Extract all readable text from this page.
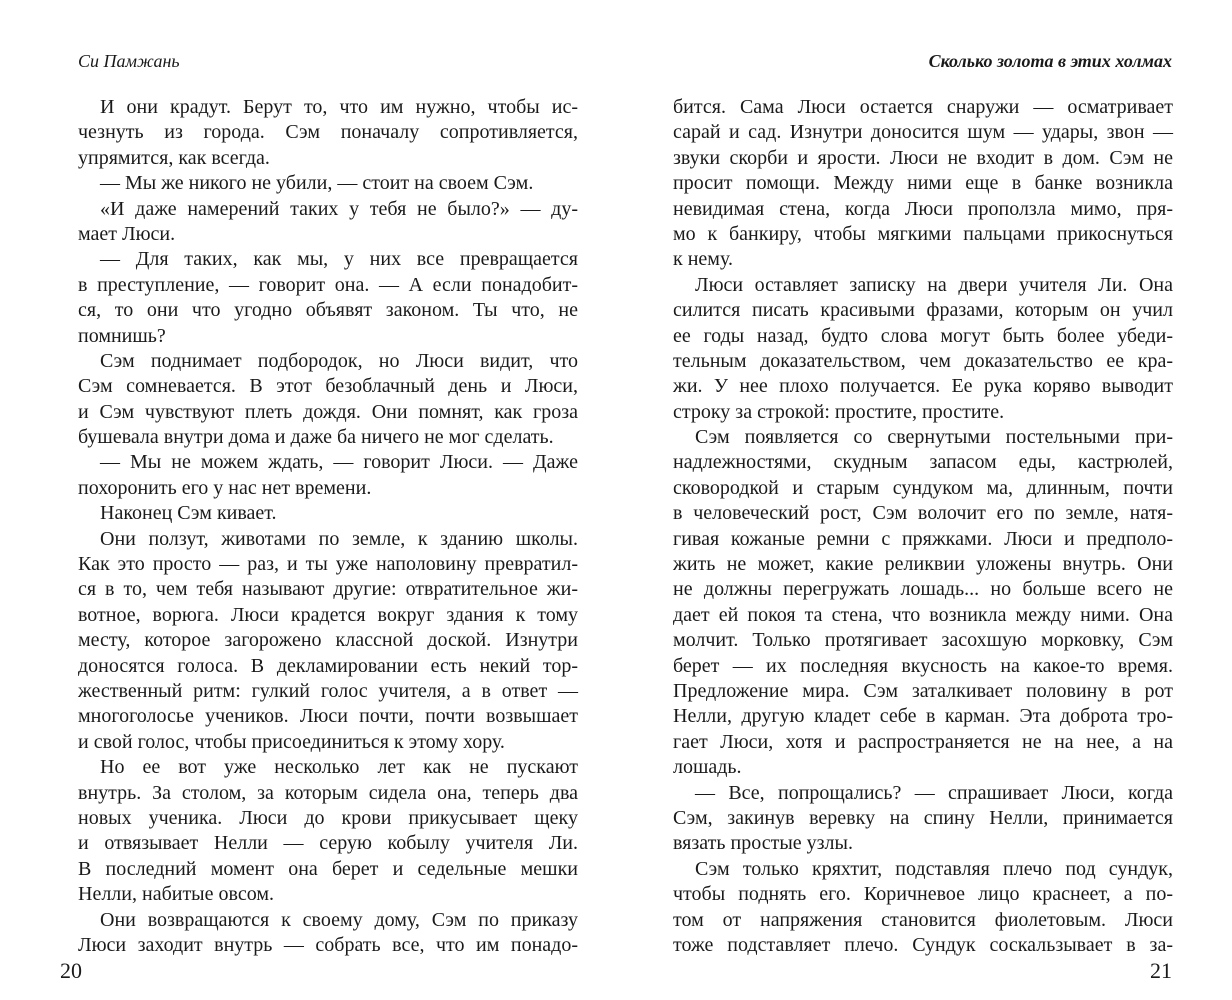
Си Памжань
И они крадут. Берут то, что им нужно, чтобы ис-
чезнуть из города. Сэм поначалу сопротивляется,
упрямится, как всегда.
— Мы же никого не убили, — стоит на своем Сэм.
«И даже намерений таких у тебя не было?» — ду-
мает Люси.
— Для таких, как мы, у них все превращается
в преступление, — говорит она. — А если понадобит-
ся, то они что угодно объявят законом. Ты что, не
помнишь?
Сэм поднимает подбородок, но Люси видит, что
Сэм сомневается. В этот безоблачный день и Люси,
и Сэм чувствуют плеть дождя. Они помнят, как гроза
бушевала внутри дома и даже ба ничего не мог сделать.
— Мы не можем ждать, — говорит Люси. — Даже
похоронить его у нас нет времени.
Наконец Сэм кивает.
Они ползут, животами по земле, к зданию школы.
Как это просто — раз, и ты уже наполовину превратил-
ся в то, чем тебя называют другие: отвратительное жи-
вотное, ворюга. Люси крадется вокруг здания к тому
месту, которое загорожено классной доской. Изнутри
доносятся голоса. В декламировании есть некий тор-
жественный ритм: гулкий голос учителя, а в ответ —
многоголосье учеников. Люси почти, почти возвышает
и свой голос, чтобы присоединиться к этому хору.
Но ее вот уже несколько лет как не пускают
внутрь. За столом, за которым сидела она, теперь два
новых ученика. Люси до крови прикусывает щеку
и отвязывает Нелли — серую кобылу учителя Ли.
В последний момент она берет и седельные мешки
Нелли, набитые овсом.
Они возвращаются к своему дому, Сэм по приказу
Люси заходит внутрь — собрать все, что им понадо-
20
Сколько золота в этих холмах
бится. Сама Люси остается снаружи — осматривает
сарай и сад. Изнутри доносится шум — удары, звон —
звуки скорби и ярости. Люси не входит в дом. Сэм не
просит помощи. Между ними еще в банке возникла
невидимая стена, когда Люси проползла мимо, пря-
мо к банкиру, чтобы мягкими пальцами прикоснуться
к нему.
Люси оставляет записку на двери учителя Ли. Она
силится писать красивыми фразами, которым он учил
ее годы назад, будто слова могут быть более убеди-
тельным доказательством, чем доказательство ее кра-
жи. У нее плохо получается. Ее рука коряво выводит
строку за строкой: простите, простите.
Сэм появляется со свернутыми постельными при-
надлежностями, скудным запасом еды, кастрюлей,
сковородкой и старым сундуком ма, длинным, почти
в человеческий рост, Сэм волочит его по земле, натя-
гивая кожаные ремни с пряжками. Люси и предполо-
жить не может, какие реликвии уложены внутрь. Они
не должны перегружать лошадь... но больше всего не
дает ей покоя та стена, что возникла между ними. Она
молчит. Только протягивает засохшую морковку, Сэм
берет — их последняя вкусность на какое-то время.
Предложение мира. Сэм заталкивает половину в рот
Нелли, другую кладет себе в карман. Эта доброта тро-
гает Люси, хотя и распространяется не на нее, а на
лошадь.
— Все, попрощались? — спрашивает Люси, когда
Сэм, закинув веревку на спину Нелли, принимается
вязать простые узлы.
Сэм только кряхтит, подставляя плечо под сундук,
чтобы поднять его. Коричневое лицо краснеет, а по-
том от напряжения становится фиолетовым. Люси
тоже подставляет плечо. Сундук соскальзывает в за-
21
